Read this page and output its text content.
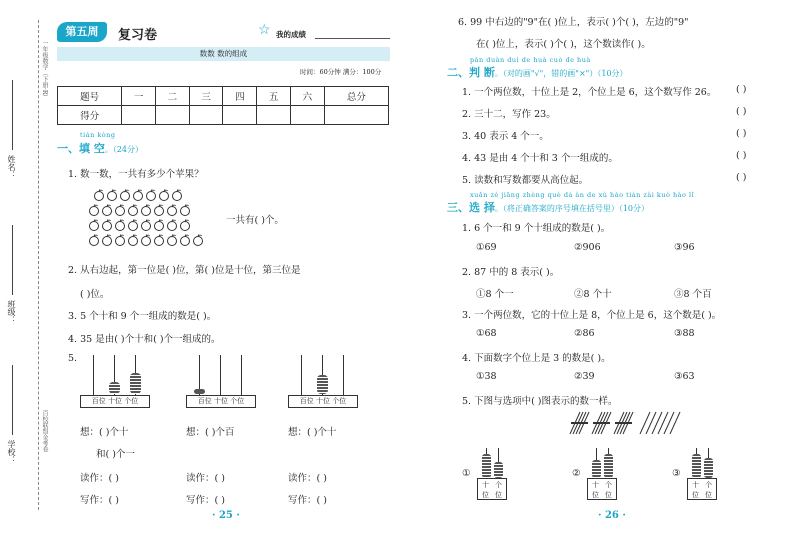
姓名：
班级：
学校：
一年级数学（下册·R）
百校联盟金考卷
第五周	复习卷	☆ 我的成绩
数数 数的组成
时间：60分钟 满分：100分
题号	一	二	三	四	五	六	总分
得分							
tián kòng
一、填 空。（24分）
1. 数一数，一共有多少个苹果？
一共有( )个。
2. 从右边起，第一位是( )位，第( )位是十位，第三位是
( )位。
3. 5 个十和 9 个一组成的数是( )。
4. 35 是由( )个十和( )个一组成的。
5.
百位 十位 个位	百位 十位 个位	百位 十位 个位
想：( )个十
和( )个一
想：( )个百	想：( )个十
读作：( )	读作：( )	读作：( )
写作：( )	写作：( )	写作：( )
· 25 ·
6. 99 中右边的"9"在( )位上，表示( )个( )，左边的"9"
在( )位上，表示( )个( )，这个数读作( )。
pàn duàn duì de huà cuò de huà
二、判 断。（对的画"√"，错的画"×"）（10分）
1. 一个两位数，十位上是 2，个位上是 6，这个数写作 26。 ( )
2. 三十二，写作 23。	( )
3. 40 表示 4 个一。	( )
4. 43 是由 4 个十和 3 个一组成的。	( )
5. 读数和写数都要从高位起。	( )
xuǎn zé jiāng zhèng què dá àn de xù hào tián zài kuò hào lǐ
三、选 择。（将正确答案的序号填在括号里）（10分）
1. 6 个一和 9 个十组成的数是( )。
①69	②906	③96
2. 87 中的 8 表示( )。
①8 个一	②8 个十	③8 个百
3. 一个两位数，它的十位上是 8，个位上是 6，这个数是( )。
①68	②86	③88
4. 下面数字个位上是 3 的数是( )。
①38	②39	③63
5. 下图与选项中( )图表示的数一样。
①
十 个
位 位
②
十 个
位 位
③
十 个
位 位
· 26 ·
